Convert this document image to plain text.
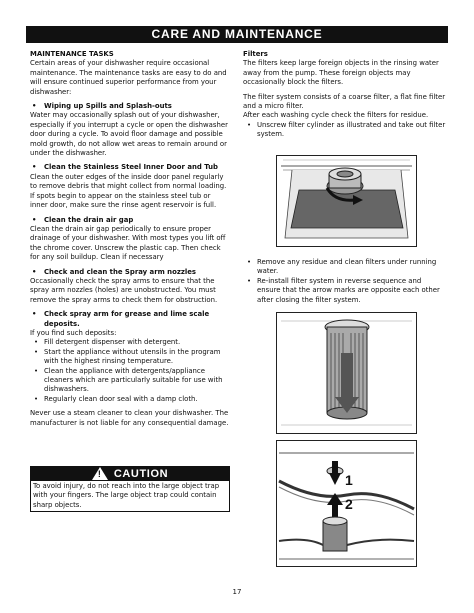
CARE AND MAINTENANCE

MAINTENANCE TASKS

Certain areas of your dishwasher require occasional maintenance. The maintenance tasks are easy to do and will ensure continued superior performance from your dishwasher:

•	Wiping up Spills and Splash-outs

Water may occasionally splash out of your dishwasher, especially if you interrupt a cycle or open the dishwasher door during a cycle. To avoid floor damage and possible mold growth, do not allow wet areas to remain around or under the dishwasher.

•	Clean the Stainless Steel Inner Door and Tub

Clean the outer edges of the inside door panel regularly to remove debris that might collect from normal loading. If spots begin to appear on the stainless steel tub or inner door, make sure the rinse agent reservoir is full.

•	Clean the drain air gap

Clean the drain air gap periodically to ensure proper drainage of your dishwasher. With most types you lift off the chrome cover. Unscrew the plastic cap. Then check for any soil buildup. Clean if necessary

•	Check and clean the Spray arm nozzles

Occasionally check the spray arms to ensure that the spray arm nozzles (holes) are unobstructed. You must remove the spray arms to check them for obstruction.

•	Check spray arm for grease and lime scale deposits.

If you find such deposits:

• Fill detergent dispenser with detergent.
• Start the appliance without utensils in the program with the highest rinsing temperature.
• Clean the appliance with detergents/appliance cleaners which are particularly suitable for use with dishwashers.
• Regularly clean door seal with a damp cloth.

Never use a steam cleaner to clean your dishwasher. The manufacturer is not liable for any consequential damage.

! CAUTION
To avoid injury, do not reach into the large object trap with your fingers. The large object trap could contain sharp objects.

Filters

The filters keep large foreign objects in the rinsing water away from the pump. These foreign objects may occasionally block the filters.

The filter system consists of a coarse filter, a flat fine filter and a micro filter.

After each washing cycle check the filters for residue.

• Unscrew filter cylinder as illustrated and take out filter system.
• Remove any residue and clean filters under running water.
• Re-install filter system in reverse sequence and ensure that the arrow marks are opposite each other after closing the filter system.
1
2
17
